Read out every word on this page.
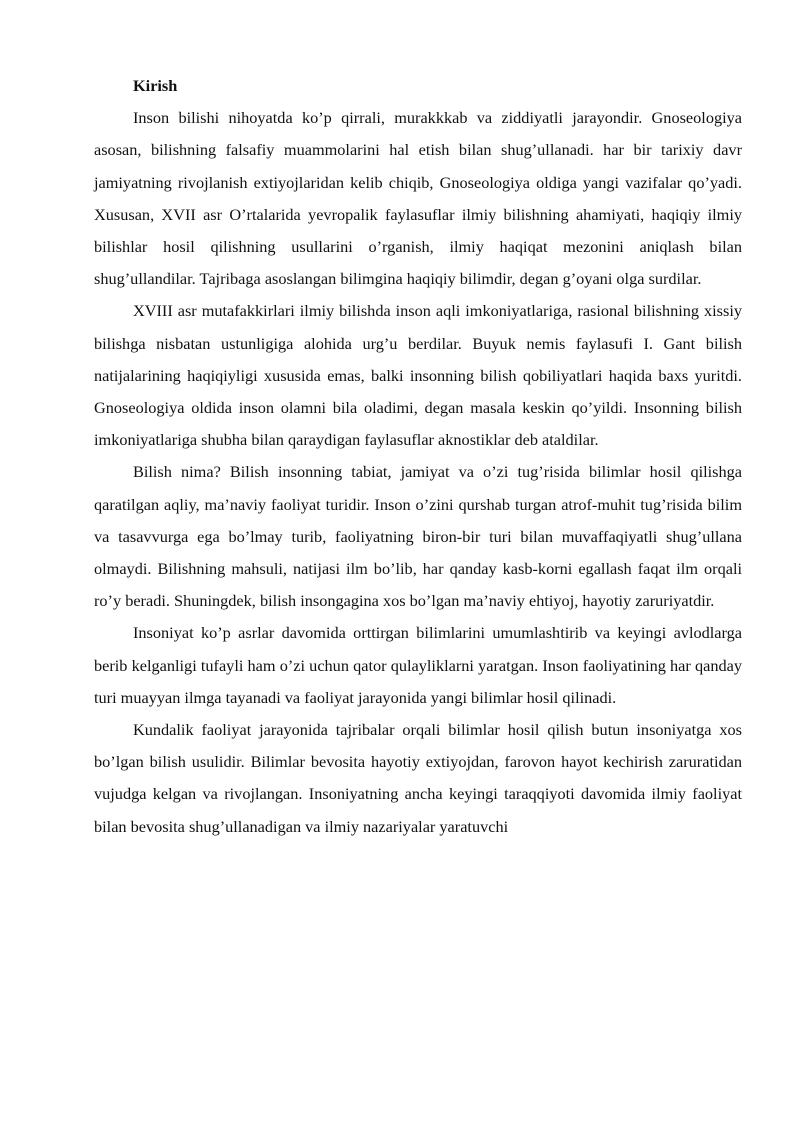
Kirish

Inson bilishi nihoyatda ko’p qirrali, murakkkab va ziddiyatli jarayondir. Gnoseologiya asosan, bilishning falsafiy muammolarini hal etish bilan shug’ullanadi. har bir tarixiy davr jamiyatning rivojlanish extiyojlaridan kelib chiqib, Gnoseologiya oldiga yangi vazifalar qo’yadi. Xususan, XVII asr O’rtalarida yevropalik faylasuflar ilmiy bilishning ahamiyati, haqiqiy ilmiy bilishlar hosil qilishning usullarini o’rganish, ilmiy haqiqat mezonini aniqlash bilan shug’ullandilar. Tajribaga asoslangan bilimgina haqiqiy bilimdir, degan g’oyani olga surdilar.

XVIII asr mutafakkirlari ilmiy bilishda inson aqli imkoniyatlariga, rasional bilishning xissiy bilishga nisbatan ustunligiga alohida urg’u berdilar. Buyuk nemis faylasufi I. Gant bilish natijalarining haqiqiyligi xususida emas, balki insonning bilish qobiliyatlari haqida baxs yuritdi. Gnoseologiya oldida inson olamni bila oladimi, degan masala keskin qo’yildi. Insonning bilish imkoniyatlariga shubha bilan qaraydigan faylasuflar aknostiklar deb ataldilar.

Bilish nima? Bilish insonning tabiat, jamiyat va o’zi tug’risida bilimlar hosil qilishga qaratilgan aqliy, ma’naviy faoliyat turidir. Inson o’zini qurshab turgan atrof-muhit tug’risida bilim va tasavvurga ega bo’lmay turib, faoliyatning biron-bir turi bilan muvaffaqiyatli shug’ullana olmaydi. Bilishning mahsuli, natijasi ilm bo’lib, har qanday kasb-korni egallash faqat ilm orqali ro’y beradi. Shuningdek, bilish insongagina xos bo’lgan ma’naviy ehtiyoj, hayotiy zaruriyatdir.

Insoniyat ko’p asrlar davomida orttirgan bilimlarini umumlashtirib va keyingi avlodlarga berib kelganligi tufayli ham o’zi uchun qator qulayliklarni yaratgan. Inson faoliyatining har qanday turi muayyan ilmga tayanadi va faoliyat jarayonida yangi bilimlar hosil qilinadi.

Kundalik faoliyat jarayonida tajribalar orqali bilimlar hosil qilish butun insoniyatga xos bo’lgan bilish usulidir. Bilimlar bevosita hayotiy extiyojdan, farovon hayot kechirish zaruratidan vujudga kelgan va rivojlangan. Insoniyatning ancha keyingi taraqqiyoti davomida ilmiy faoliyat bilan bevosita shug’ullanadigan va ilmiy nazariyalar yaratuvchi
